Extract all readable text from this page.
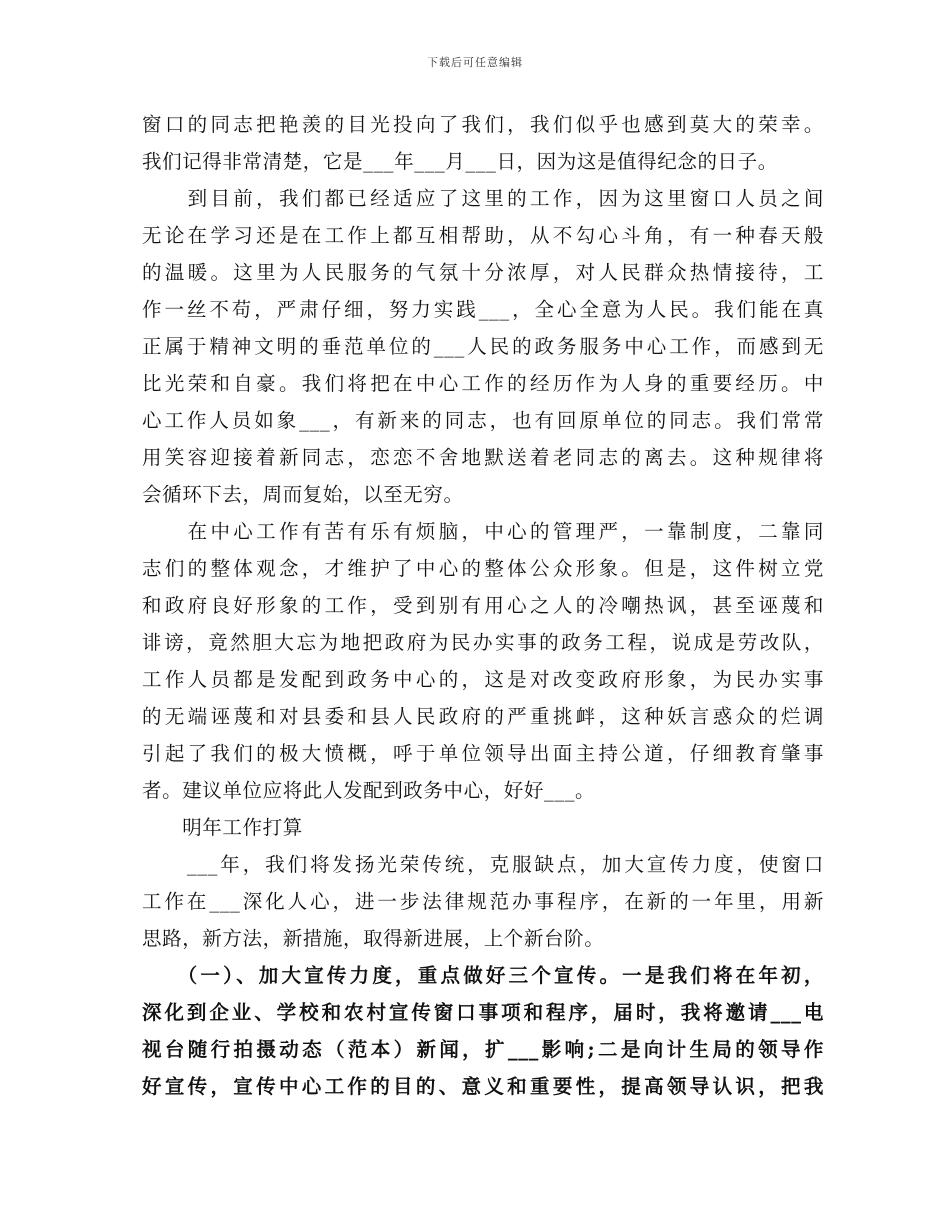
下载后可任意编辑
窗口的同志把艳羡的目光投向了我们，我们似乎也感到莫大的荣幸。
我们记得非常清楚，它是___年___月___日，因为这是值得纪念的日子。
　　到目前，我们都已经适应了这里的工作，因为这里窗口人员之间
无论在学习还是在工作上都互相帮助，从不勾心斗角，有一种春天般
的温暖。这里为人民服务的气氛十分浓厚，对人民群众热情接待，工
作一丝不苟，严肃仔细，努力实践___，全心全意为人民。我们能在真
正属于精神文明的垂范单位的___人民的政务服务中心工作，而感到无
比光荣和自豪。我们将把在中心工作的经历作为人身的重要经历。中
心工作人员如象___，有新来的同志，也有回原单位的同志。我们常常
用笑容迎接着新同志，恋恋不舍地默送着老同志的离去。这种规律将
会循环下去，周而复始，以至无穷。
　　在中心工作有苦有乐有烦脑，中心的管理严，一靠制度，二靠同
志们的整体观念，才维护了中心的整体公众形象。但是，这件树立党
和政府良好形象的工作，受到别有用心之人的冷嘲热讽，甚至诬蔑和
诽谤，竟然胆大忘为地把政府为民办实事的政务工程，说成是劳改队，
工作人员都是发配到政务中心的，这是对改变政府形象，为民办实事
的无端诬蔑和对县委和县人民政府的严重挑衅，这种妖言惑众的烂调
引起了我们的极大愤概，呼于单位领导出面主持公道，仔细教育肇事
者。建议单位应将此人发配到政务中心，好好___。
　　明年工作打算
　　___年，我们将发扬光荣传统，克服缺点，加大宣传力度，使窗口
工作在___深化人心，进一步法律规范办事程序，在新的一年里，用新
思路，新方法，新措施，取得新进展，上个新台阶。
　　（一）、加大宣传力度，重点做好三个宣传。一是我们将在年初，
深化到企业、学校和农村宣传窗口事项和程序，届时，我将邀请___电
视台随行拍摄动态（范本）新闻，扩___影响;二是向计生局的领导作
好宣传，宣传中心工作的目的、意义和重要性，提高领导认识，把我
